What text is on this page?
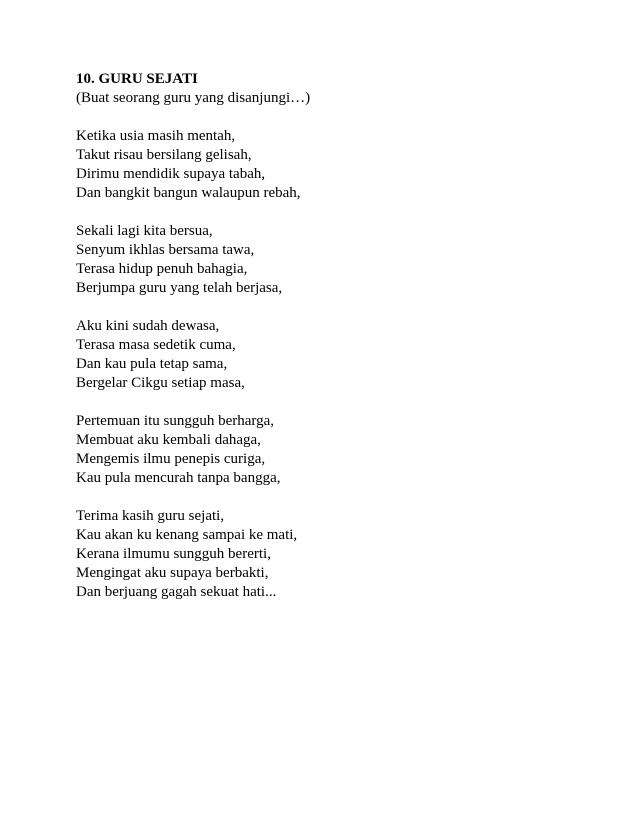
10. GURU SEJATI
(Buat seorang guru yang disanjungi…)
Ketika usia masih mentah,
Takut risau bersilang gelisah,
Dirimu mendidik supaya tabah,
Dan bangkit bangun walaupun rebah,
Sekali lagi kita bersua,
Senyum ikhlas bersama tawa,
Terasa hidup penuh bahagia,
Berjumpa guru yang telah berjasa,
Aku kini sudah dewasa,
Terasa masa sedetik cuma,
Dan kau pula tetap sama,
Bergelar Cikgu setiap masa,
Pertemuan itu sungguh berharga,
Membuat aku kembali dahaga,
Mengemis ilmu penepis curiga,
Kau pula mencurah tanpa bangga,
Terima kasih guru sejati,
Kau akan ku kenang sampai ke mati,
Kerana ilmumu sungguh bererti,
Mengingat aku supaya berbakti,
Dan berjuang gagah sekuat hati...
